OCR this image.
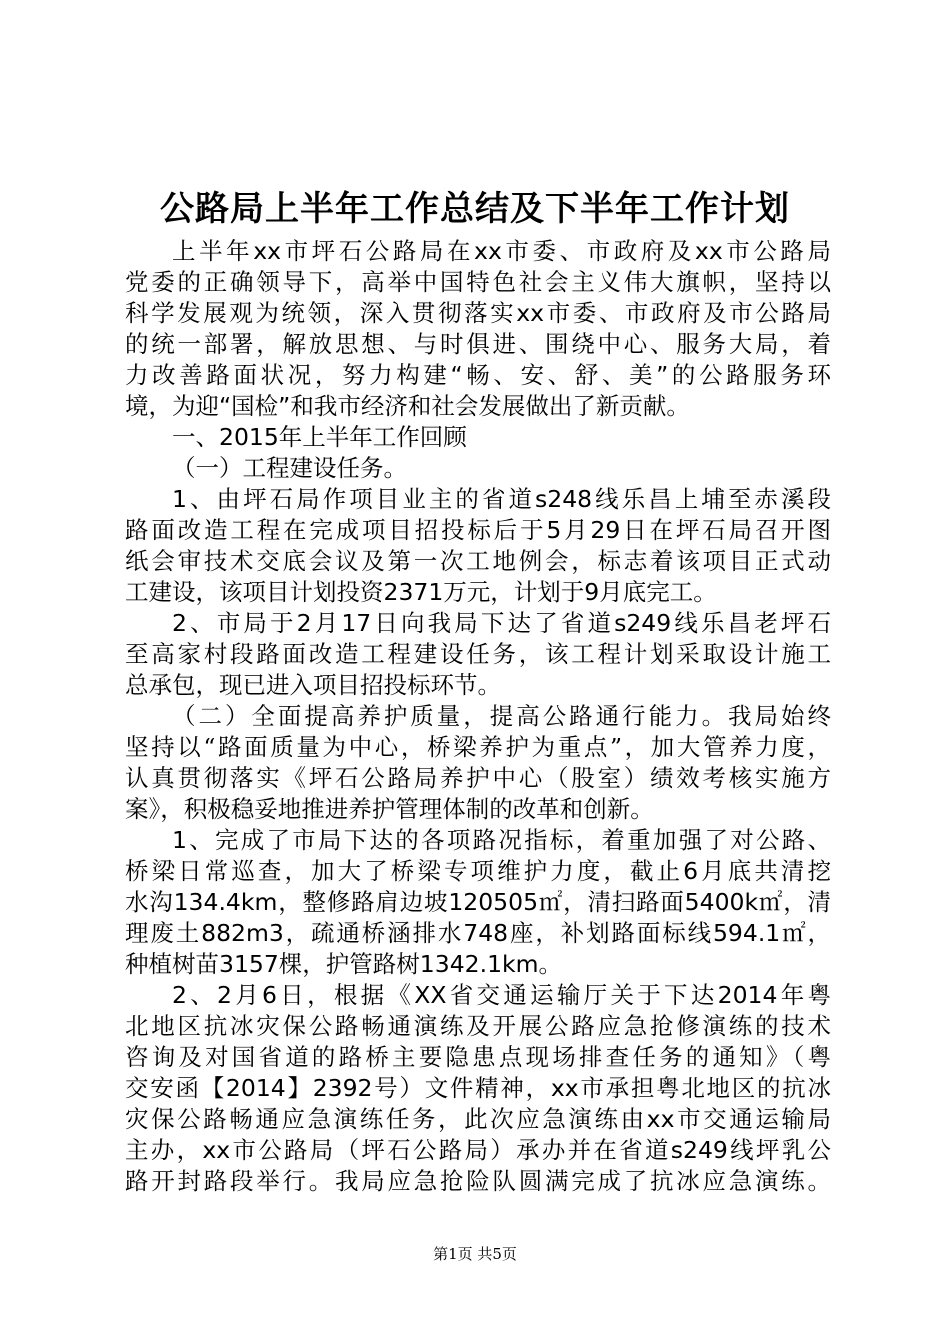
公路局上半年工作总结及下半年工作计划
上半年xx市坪石公路局在xx市委、市政府及xx市公路局
党委的正确领导下，高举中国特色社会主义伟大旗帜，坚持以
科学发展观为统领，深入贯彻落实xx市委、市政府及市公路局
的统一部署，解放思想、与时俱进、围绕中心、服务大局，着
力改善路面状况，努力构建“畅、安、舒、美”的公路服务环
境，为迎“国检”和我市经济和社会发展做出了新贡献。
一、2015年上半年工作回顾
（一）工程建设任务。
1、由坪石局作项目业主的省道s248线乐昌上埔至赤溪段
路面改造工程在完成项目招投标后于5月29日在坪石局召开图
纸会审技术交底会议及第一次工地例会，标志着该项目正式动
工建设，该项目计划投资2371万元，计划于9月底完工。
2、市局于2月17日向我局下达了省道s249线乐昌老坪石
至高家村段路面改造工程建设任务，该工程计划采取设计施工
总承包，现已进入项目招投标环节。
（二）全面提高养护质量，提高公路通行能力。我局始终
坚持以“路面质量为中心，桥梁养护为重点”，加大管养力度，
认真贯彻落实《坪石公路局养护中心（股室）绩效考核实施方
案》，积极稳妥地推进养护管理体制的改革和创新。
1、完成了市局下达的各项路况指标，着重加强了对公路、
桥梁日常巡查，加大了桥梁专项维护力度，截止6月底共清挖
水沟134.4km，整修路肩边坡120505㎡，清扫路面5400k㎡，清
理废土882m3，疏通桥涵排水748座，补划路面标线594.1㎡，
种植树苗3157棵，护管路树1342.1km。
2、2月6日，根据《XX省交通运输厅关于下达2014年粤
北地区抗冰灾保公路畅通演练及开展公路应急抢修演练的技术
咨询及对国省道的路桥主要隐患点现场排查任务的通知》（粤
交安函【2014】2392号）文件精神，xx市承担粤北地区的抗冰
灾保公路畅通应急演练任务，此次应急演练由xx市交通运输局
主办，xx市公路局（坪石公路局）承办并在省道s249线坪乳公
路开封路段举行。我局应急抢险队圆满完成了抗冰应急演练。
第1页 共5页
